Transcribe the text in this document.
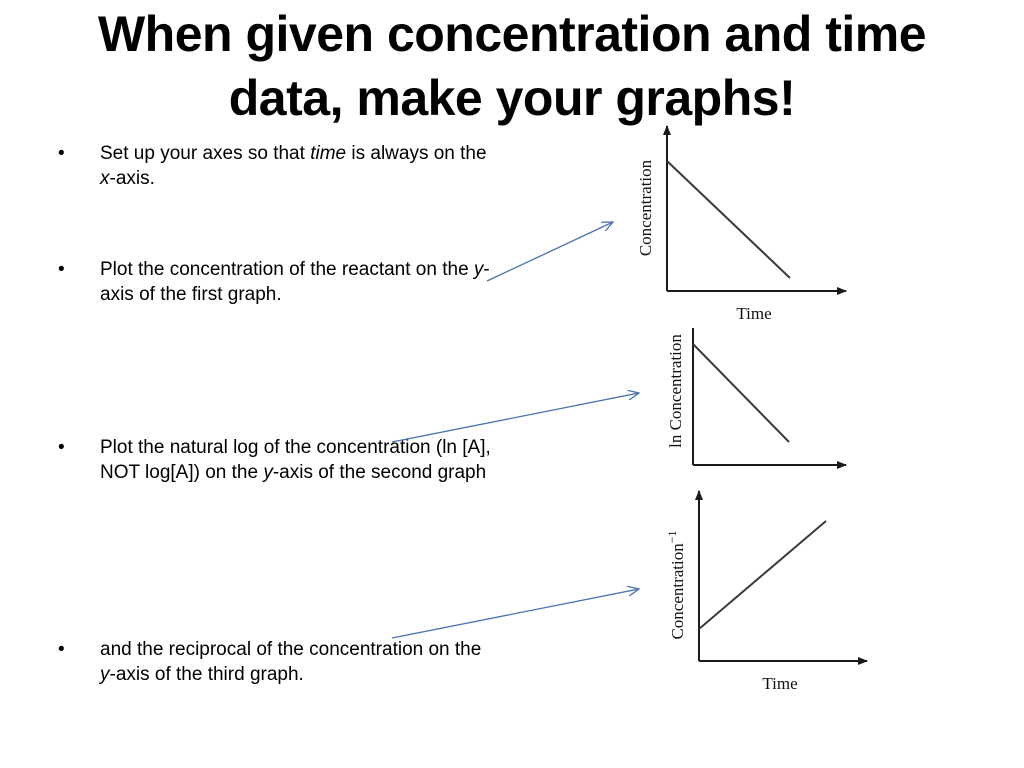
When given concentration and time data, make your graphs!
• Set up your axes so that time is always on the x-axis.
• Plot the concentration of the reactant on the y-axis of the first graph.
• Plot the natural log of the concentration (ln [A], NOT log[A]) on the y-axis of the second graph
• and the reciprocal of the concentration on the y-axis of the third graph.
Concentration
Time
ln Concentration
Concentration$^{-1}$
Time
